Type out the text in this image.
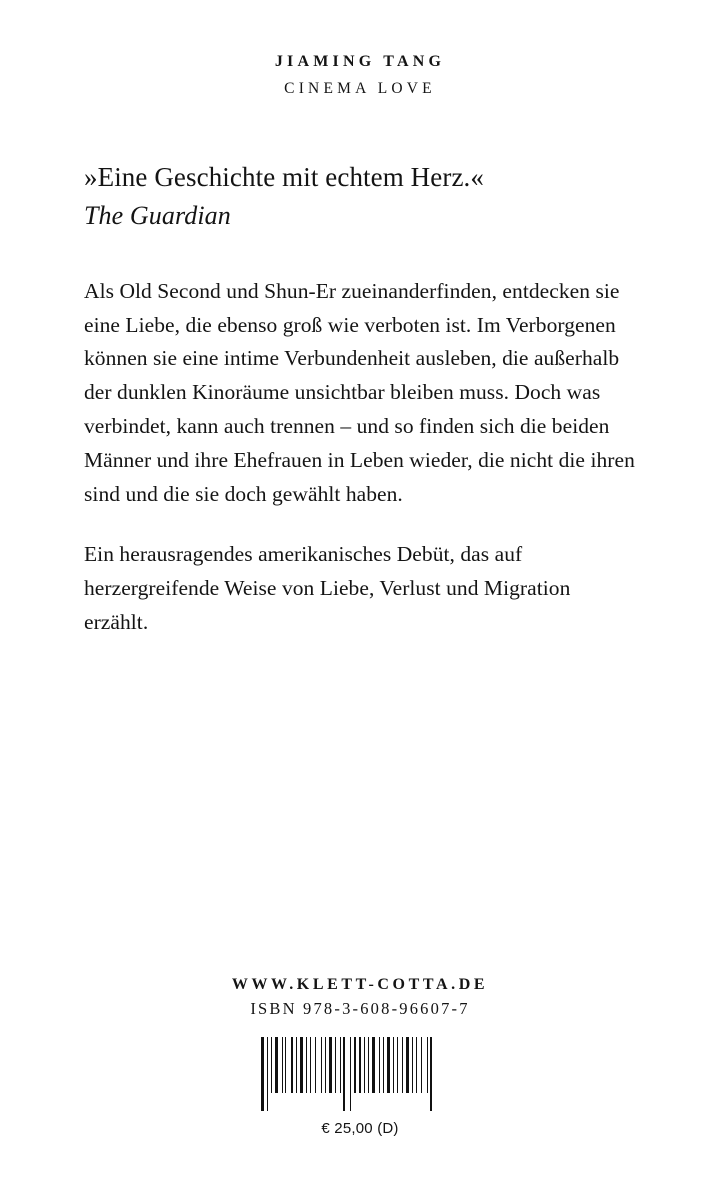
JIAMING TANG
CINEMA LOVE

»Eine Geschichte mit echtem Herz.«

The Guardian

Als Old Second und Shun-Er zueinanderfinden, entdecken sie eine Liebe, die ebenso groß wie verboten ist. Im Verborgenen können sie eine intime Verbundenheit ausleben, die außerhalb der dunklen Kinoräume unsichtbar bleiben muss. Doch was verbindet, kann auch trennen – und so finden sich die beiden Männer und ihre Ehefrauen in Leben wieder, die nicht die ihren sind und die sie doch gewählt haben.

Ein herausragendes amerikanisches Debüt, das auf herzergreifende Weise von Liebe, Verlust und Migration erzählt.

WWW.KLETT-COTTA.DE
ISBN 978-3-608-96607-7
€ 25,00 (D)
